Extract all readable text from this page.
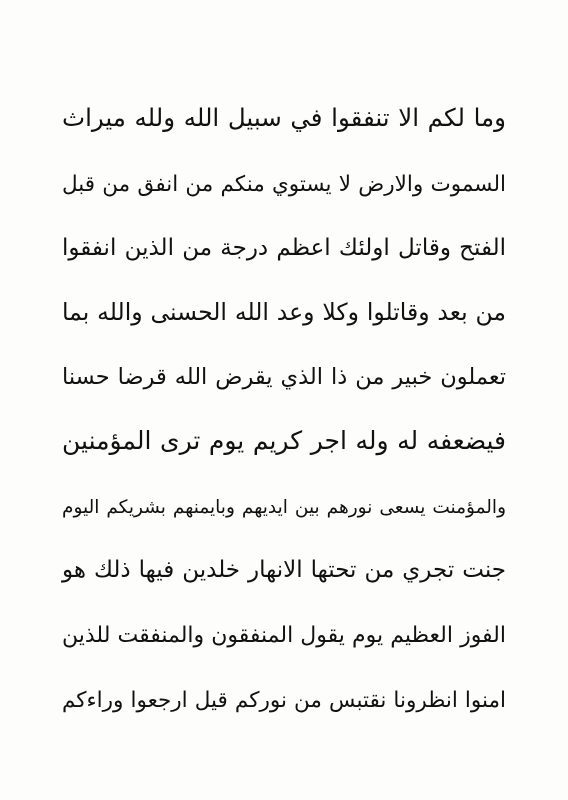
وما لكم الا تنفقوا في سبيل الله ولله ميراث
السموت والارض لا يستوي منكم من انفق من قبل
الفتح وقاتل اولئك اعظم درجة من الذين انفقوا
من بعد وقاتلوا وكلا وعد الله الحسنى والله بما
تعملون خبير من ذا الذي يقرض الله قرضا حسنا
فيضعفه له وله اجر كريم يوم ترى المؤمنين
والمؤمنت يسعى نورهم بين ايديهم وبايمنهم بشريكم اليوم
جنت تجري من تحتها الانهار خلدين فيها ذلك هو
الفوز العظيم يوم يقول المنفقون والمنفقت للذين
امنوا انظرونا نقتبس من نوركم قيل ارجعوا وراءكم
